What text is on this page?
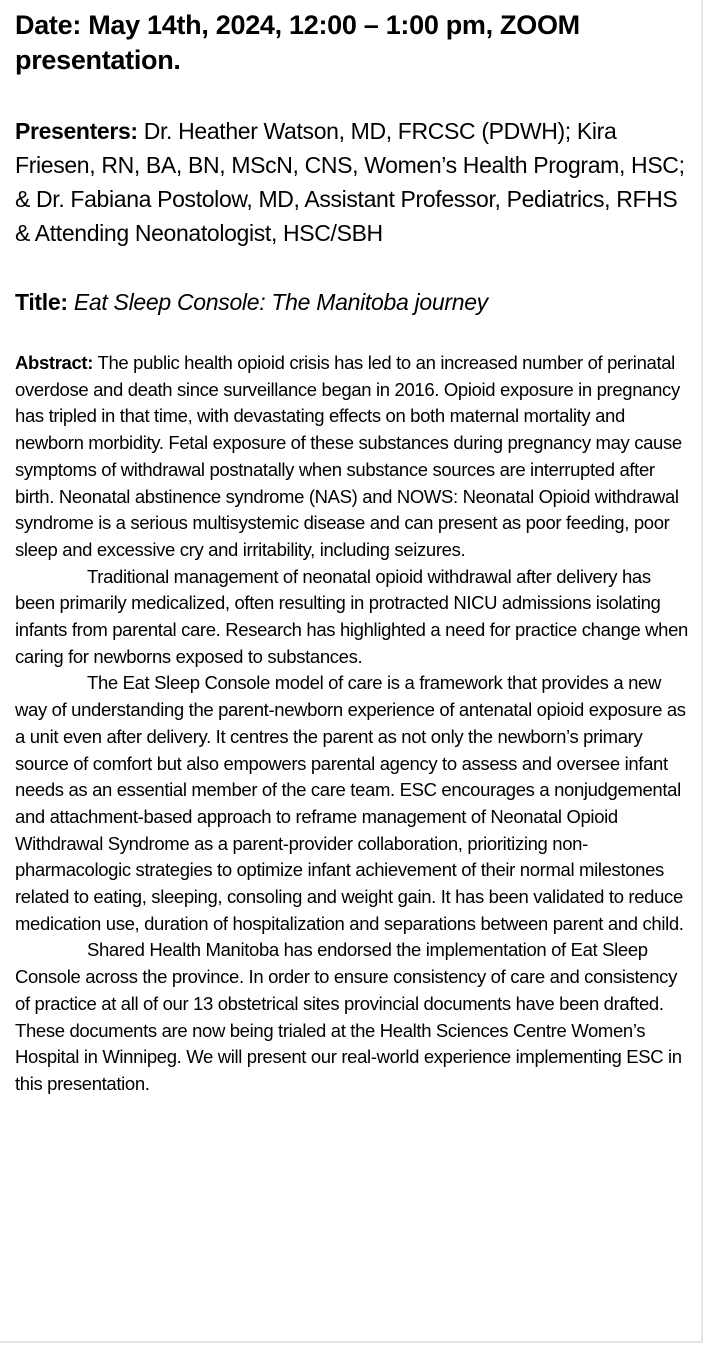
Date: May 14th, 2024, 12:00 – 1:00 pm, ZOOM presentation.
Presenters: Dr. Heather Watson, MD, FRCSC (PDWH); Kira Friesen, RN, BA, BN, MScN, CNS, Women’s Health Program, HSC; & Dr. Fabiana Postolow, MD, Assistant Professor, Pediatrics, RFHS & Attending Neonatologist, HSC/SBH
Title: Eat Sleep Console: The Manitoba journey

Abstract: The public health opioid crisis has led to an increased number of perinatal overdose and death since surveillance began in 2016. Opioid exposure in pregnancy has tripled in that time, with devastating effects on both maternal mortality and newborn morbidity. Fetal exposure of these substances during pregnancy may cause symptoms of withdrawal postnatally when substance sources are interrupted after birth. Neonatal abstinence syndrome (NAS) and NOWS: Neonatal Opioid withdrawal syndrome is a serious multisystemic disease and can present as poor feeding, poor sleep and excessive cry and irritability, including seizures.

Traditional management of neonatal opioid withdrawal after delivery has been primarily medicalized, often resulting in protracted NICU admissions isolating infants from parental care. Research has highlighted a need for practice change when caring for newborns exposed to substances.

The Eat Sleep Console model of care is a framework that provides a new way of understanding the parent-newborn experience of antenatal opioid exposure as a unit even after delivery. It centres the parent as not only the newborn’s primary source of comfort but also empowers parental agency to assess and oversee infant needs as an essential member of the care team. ESC encourages a nonjudgemental and attachment-based approach to reframe management of Neonatal Opioid Withdrawal Syndrome as a parent-provider collaboration, prioritizing non-pharmacologic strategies to optimize infant achievement of their normal milestones related to eating, sleeping, consoling and weight gain. It has been validated to reduce medication use, duration of hospitalization and separations between parent and child.

Shared Health Manitoba has endorsed the implementation of Eat Sleep Console across the province. In order to ensure consistency of care and consistency of practice at all of our 13 obstetrical sites provincial documents have been drafted. These documents are now being trialed at the Health Sciences Centre Women’s Hospital in Winnipeg. We will present our real-world experience implementing ESC in this presentation.
